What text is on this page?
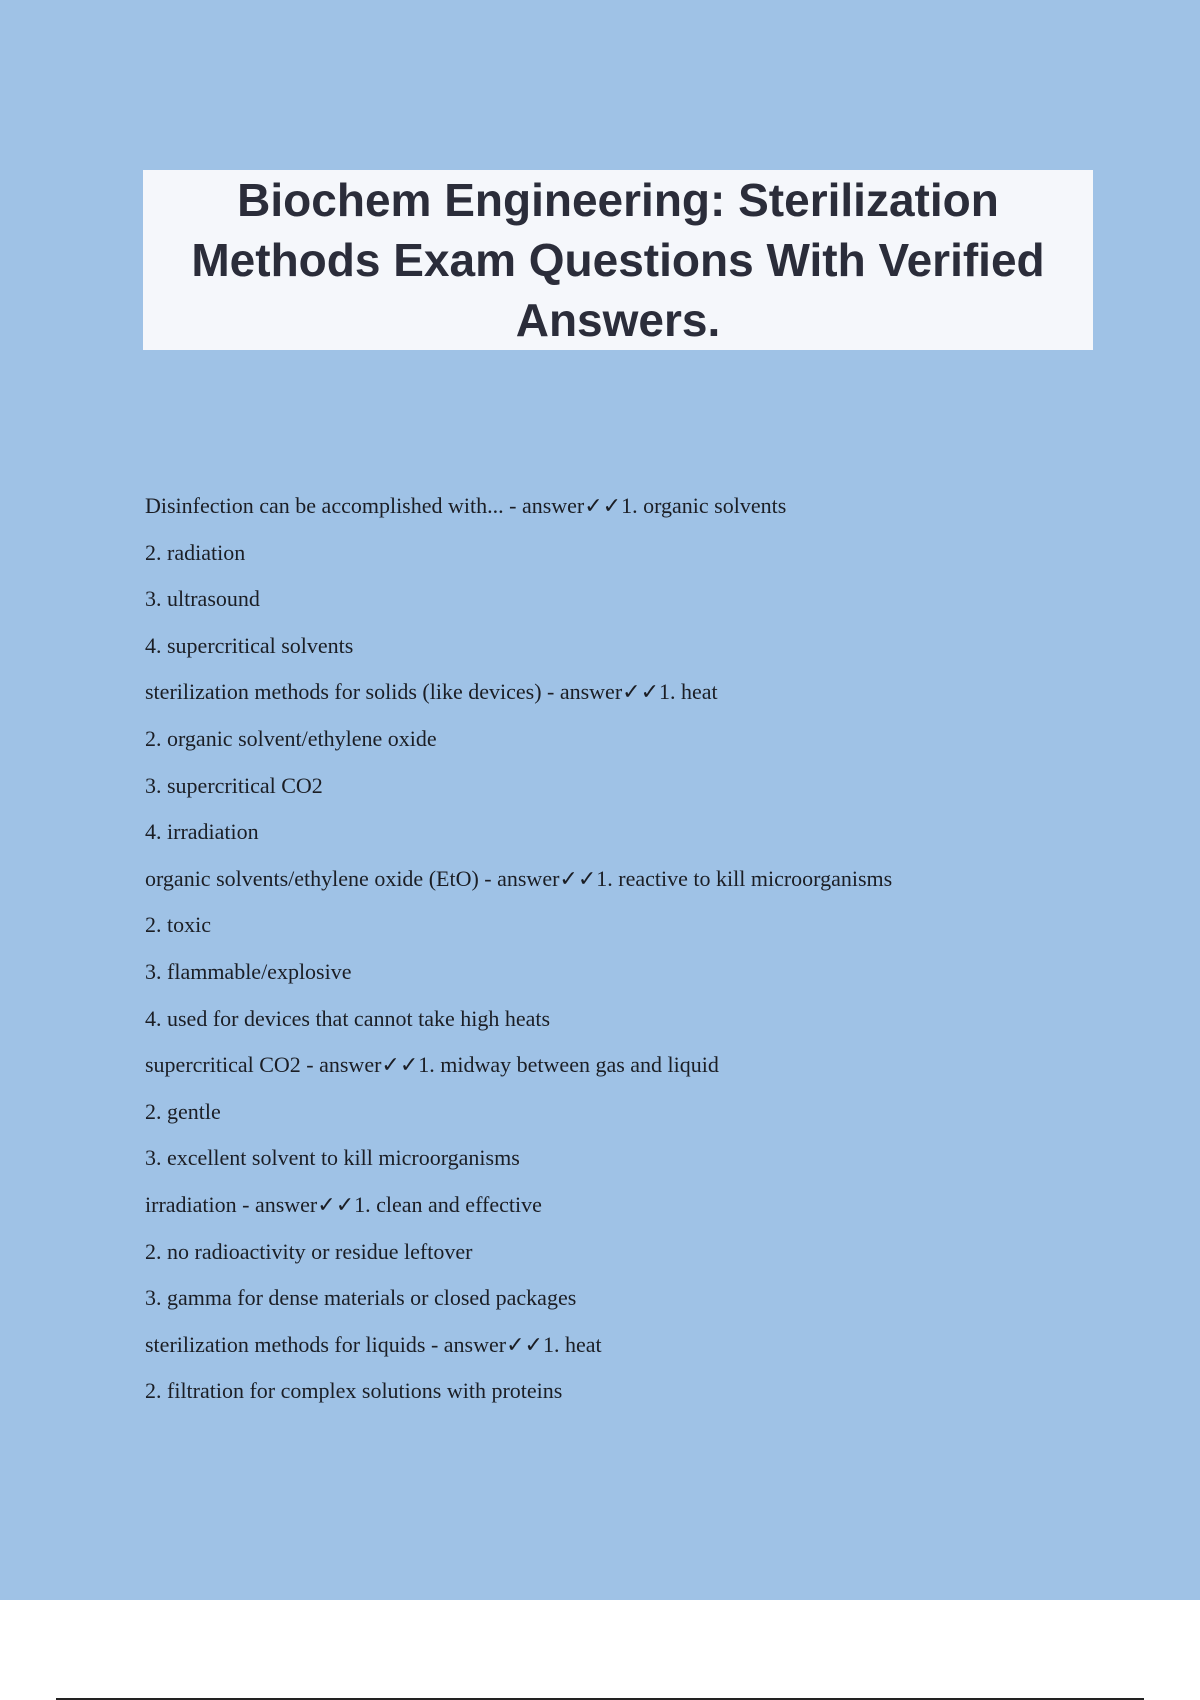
Biochem Engineering: Sterilization Methods Exam Questions With Verified Answers.
Disinfection can be accomplished with... - answer✓✓1. organic solvents
2. radiation
3. ultrasound
4. supercritical solvents
sterilization methods for solids (like devices) - answer✓✓1. heat
2. organic solvent/ethylene oxide
3. supercritical CO2
4. irradiation
organic solvents/ethylene oxide (EtO) - answer✓✓1. reactive to kill microorganisms
2. toxic
3. flammable/explosive
4. used for devices that cannot take high heats
supercritical CO2 - answer✓✓1. midway between gas and liquid
2. gentle
3. excellent solvent to kill microorganisms
irradiation - answer✓✓1. clean and effective
2. no radioactivity or residue leftover
3. gamma for dense materials or closed packages
sterilization methods for liquids - answer✓✓1. heat
2. filtration for complex solutions with proteins
